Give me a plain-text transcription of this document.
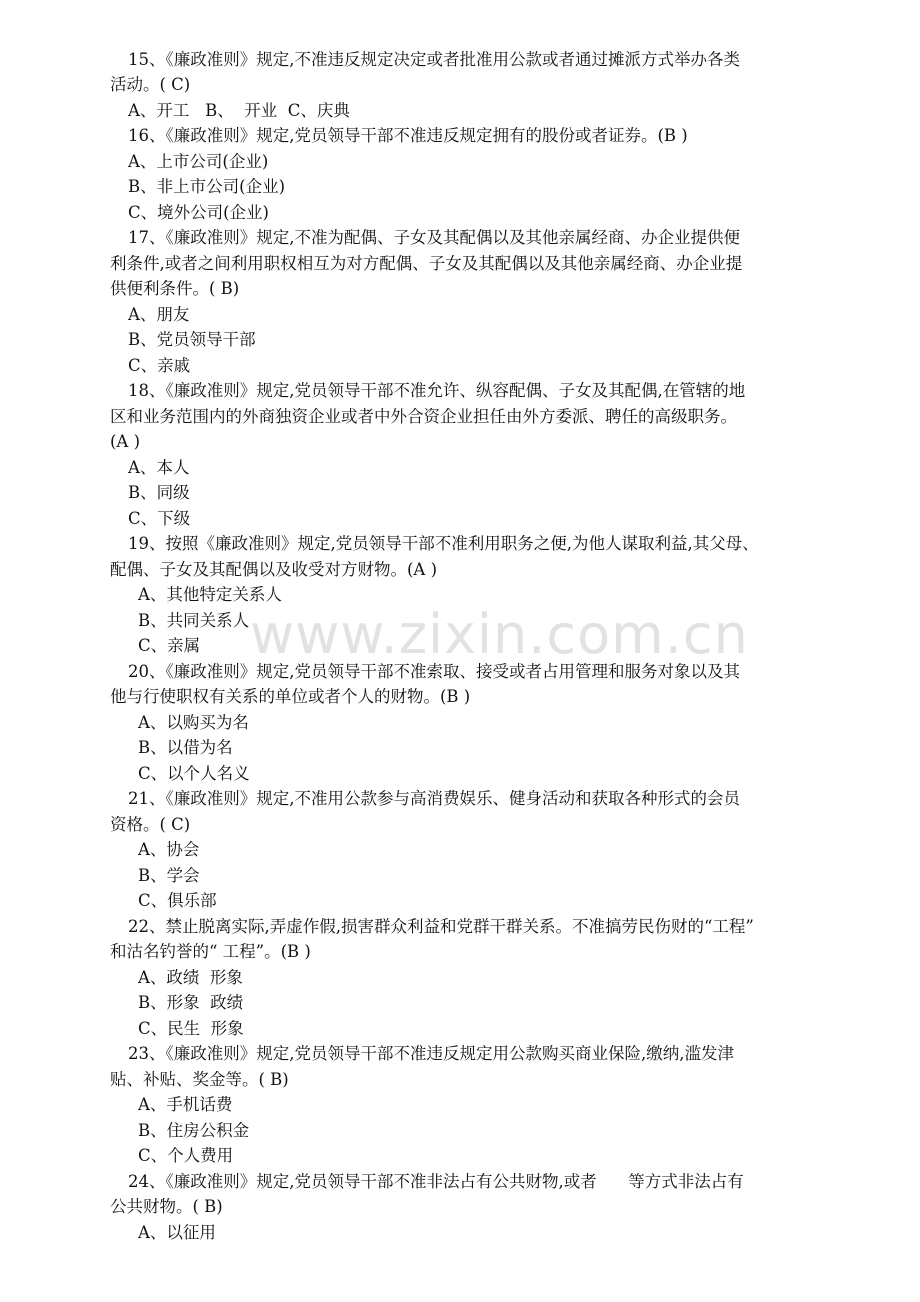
www.zixin.com.cn
15、《廉政准则》规定,不准违反规定决定或者批准用公款或者通过摊派方式举办各类
活动。( C)
A、开工   B、  开业  C、庆典
16、《廉政准则》规定,党员领导干部不准违反规定拥有的股份或者证券。(B )
A、上市公司(企业)
B、非上市公司(企业)
C、境外公司(企业)
17、《廉政准则》规定,不准为配偶、子女及其配偶以及其他亲属经商、办企业提供便
利条件,或者之间利用职权相互为对方配偶、子女及其配偶以及其他亲属经商、办企业提
供便利条件。( B)
A、朋友
B、党员领导干部
C、亲戚
18、《廉政准则》规定,党员领导干部不准允许、纵容配偶、子女及其配偶,在管辖的地
区和业务范围内的外商独资企业或者中外合资企业担任由外方委派、聘任的高级职务。
(A )
A、本人
B、同级
C、下级
19、按照《廉政准则》规定,党员领导干部不准利用职务之便,为他人谋取利益,其父母、
配偶、子女及其配偶以及收受对方财物。(A )
A、其他特定关系人
B、共同关系人
C、亲属
20、《廉政准则》规定,党员领导干部不准索取、接受或者占用管理和服务对象以及其
他与行使职权有关系的单位或者个人的财物。(B )
A、以购买为名
B、以借为名
C、以个人名义
21、《廉政准则》规定,不准用公款参与高消费娱乐、健身活动和获取各种形式的会员
资格。( C)
A、协会
B、学会
C、俱乐部
22、禁止脱离实际,弄虚作假,损害群众利益和党群干群关系。不准搞劳民伤财的“工程”
和沽名钓誉的“ 工程”。(B )
A、政绩  形象
B、形象  政绩
C、民生  形象
23、《廉政准则》规定,党员领导干部不准违反规定用公款购买商业保险,缴纳,滥发津
贴、补贴、奖金等。( B)
A、手机话费
B、住房公积金
C、个人费用
24、《廉政准则》规定,党员领导干部不准非法占有公共财物,或者      等方式非法占有
公共财物。( B)
A、以征用
